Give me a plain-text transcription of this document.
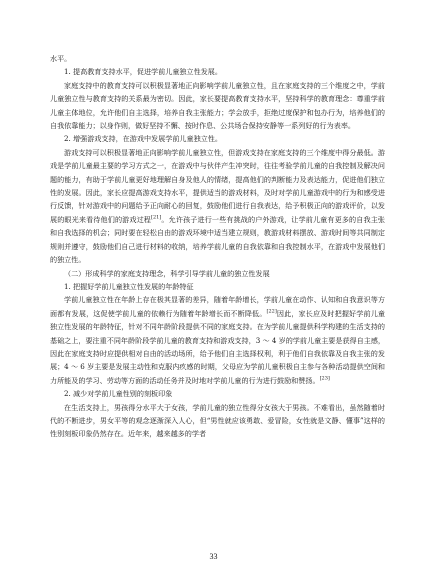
水平。

1. 提高教育支持水平，促进学前儿童独立性发展。

家庭支持中的教育支持可以积极显著地正向影响学前儿童独立性，且在家庭支持的三个维度之中，学前儿童独立性与教育支持的关系最为密切。因此，家长要提高教育支持水平，坚持科学的教育理念：尊重学前儿童主体地位，允许他们自主选择，培养自我主张能力；学会放手，拒绝过度保护和包办行为，培养他们的自我依靠能力；以身作则，做好坚持不懈、按时作息、公共场合保持安静等一系列好的行为表率。

2. 增强游戏支持，在游戏中发展学前儿童独立性。

游戏支持可以积极显著地正向影响学前儿童独立性，但游戏支持在家庭支持的三个维度中得分最低。游戏是学前儿童最主要的学习方式之一，在游戏中与伙伴产生冲突时，往往考验学前儿童的自我控制及解决问题的能力，有助于学前儿童更好地理解自身及他人的情绪，提高他们的判断能力及表达能力，促进他们独立性的发展。因此，家长应提高游戏支持水平，提供适当的游戏材料，及时对学前儿童游戏中的行为和感受进行反馈，针对游戏中的问题给予正向耐心的回复，鼓励他们进行自我表达，给予积极正向的游戏评价，以发展的眼光来看待他们的游戏过程[21]。允许孩子进行一些有挑战的户外游戏，让学前儿童有更多的自我主张和自我选择的机会；同时要在轻松自由的游戏环境中适当建立规则，教游戏材料摆放、游戏时间等共同制定规则并遵守，鼓励他们自己进行材料的收纳，培养学前儿童的自我依靠和自我控制水平，在游戏中发展他们的独立性。

（二）形成科学的家庭支持理念，科学引导学前儿童的独立性发展

1. 把握好学前儿童独立性发展的年龄特征

学前儿童独立性在年龄上存在极其显著的差异，随着年龄增长，学前儿童在动作、认知和自我意识等方面都有发展，这促使学前儿童的依赖行为随着年龄增长而不断降低。[22]因此，家长应及时把握好学前儿童独立性发展的年龄特征，针对不同年龄阶段提供不同的家庭支持。在为学前儿童提供科学构建的生活支持的基础之上，要注重不同年龄阶段学前儿童的教育支持和游戏支持，3 ～ 4 岁的学前儿童主要是获得自主感，因此在家庭支持时应提供相对自由的活动场所，给予他们自主选择权利，利于他们自我依靠及自我主张的发展；4 ～ 6 岁主要是发展主动性和克服内疚感的时期，父母应为学前儿童积极自主参与各种活动提供空间和力所能及的学习、劳动等方面的活动任务并及时地对学前儿童的行为进行鼓励和赞扬。[23]

2. 减少对学前儿童性别的刻板印象

在生活支持上，男孩得分水平大于女孩，学前儿童的独立性得分女孩大于男孩。不难看出，虽然随着时代的不断进步，男女平等的观念逐渐深入人心，但“男性就应该勇敢、爱冒险，女性就是文静、懂事”这样的性别刻板印象仍然存在。近年来，越来越多的学者

33
